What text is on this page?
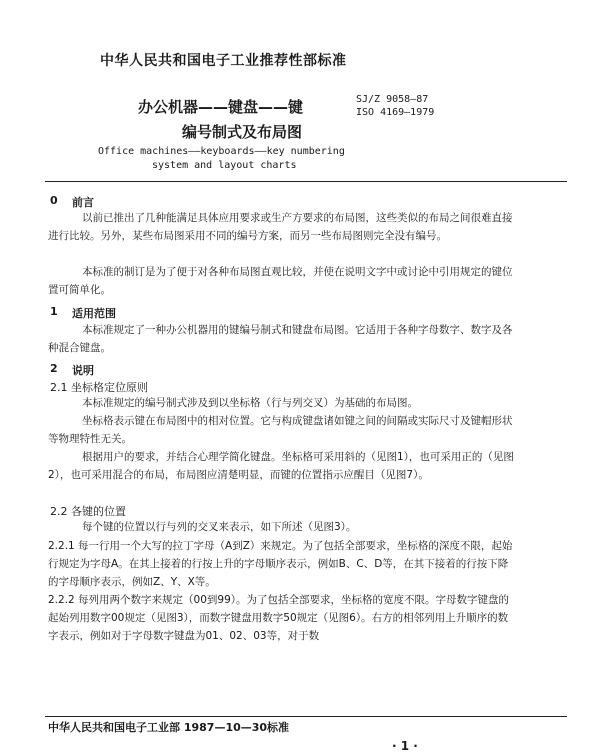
中华人民共和国电子工业推荐性部标准
办公机器——键盘——键
编号制式及布局图
SJ/Z 9058—87
ISO 4169—1979
Office machines——keyboards——key numbering
system and layout charts
0 前言
以前已推出了几种能满足具体应用要求或生产方要求的布局图，这些类似的布局之间很难直接进行比较。另外，某些布局图采用不同的编号方案，而另一些布局图则完全没有编号。
本标准的制订是为了便于对各种布局图直观比较，并使在说明文字中或讨论中引用规定的键位置可简单化。
1 适用范围
本标准规定了一种办公机器用的键编号制式和键盘布局图。它适用于各种字母数字、数字及各种混合键盘。
2 说明
2.1 坐标格定位原则
本标准规定的编号制式涉及到以坐标格（行与列交叉）为基础的布局图。
坐标格表示键在布局图中的相对位置。它与构成键盘诸如键之间的间隔或实际尺寸及键帽形状等物理特性无关。
根据用户的要求，并结合心理学简化键盘。坐标格可采用斜的（见图1），也可采用正的（见图2），也可采用混合的布局，布局图应清楚明显，而键的位置指示应醒目（见图7）。
2.2 各键的位置
每个键的位置以行与列的交叉来表示，如下所述（见图3）。
2.2.1 每一行用一个大写的拉丁字母（A到Z）来规定。为了包括全部要求，坐标格的深度不限，起始行规定为字母A。在其上接着的行按上升的字母顺序表示，例如B、C、D等，在其下接着的行按下降的字母顺序表示，例如Z、Y、X等。
2.2.2 每列用两个数字来规定（00到99）。为了包括全部要求，坐标格的宽度不限。字母数字键盘的起始列用数字00规定（见图3），而数字键盘用数字50规定（见图6）。右方的相邻列用上升顺序的数字表示，例如对于字母数字键盘为01、02、03等，对于数
中华人民共和国电子工业部 1987—10—30标准
· 1 ·
